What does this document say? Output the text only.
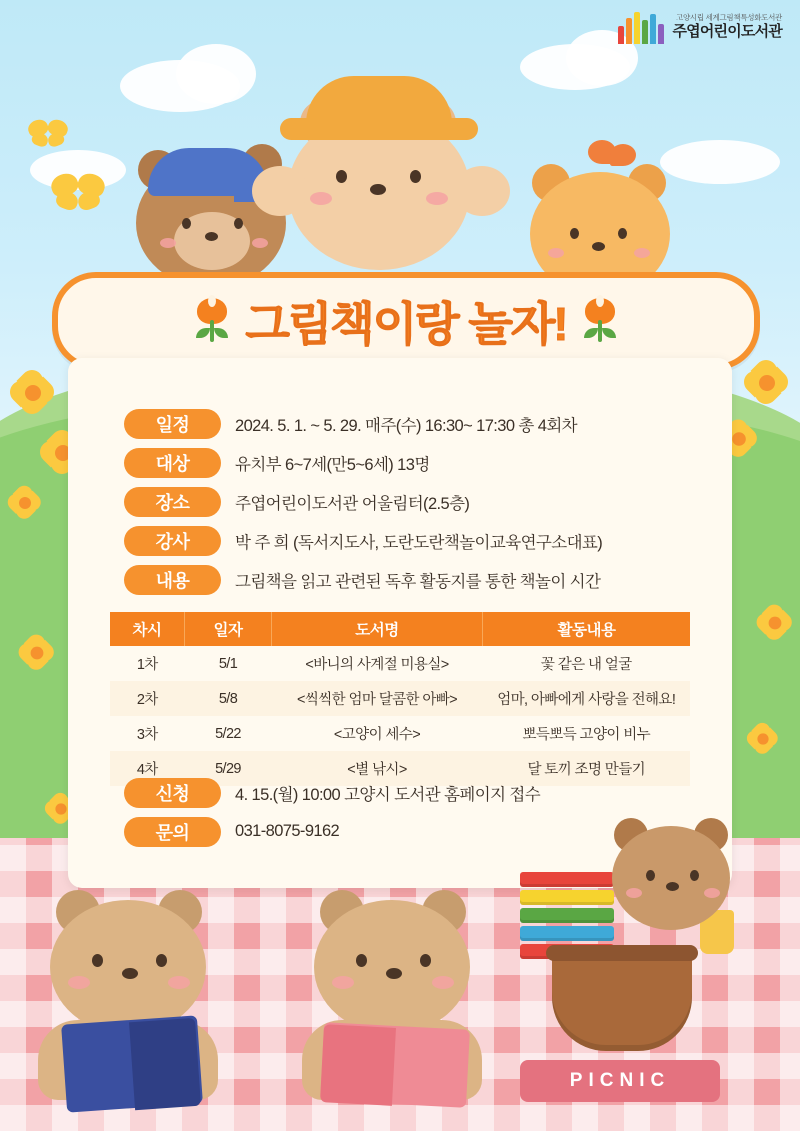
고양시립 세계그림책특성화도서관
주엽어린이도서관
그림책이랑 놀자!
일정	2024. 5. 1. ~ 5. 29. 매주(수) 16:30~ 17:30 총 4회차
대상	유치부 6~7세(만5~6세) 13명
장소	주엽어린이도서관 어울림터(2.5층)
강사	박 주 희 (독서지도사, 도란도란책놀이교육연구소대표)
내용	그림책을 읽고 관련된 독후 활동지를 통한 책놀이 시간
차시	일자	도서명	활동내용
1차	5/1	<바니의 사계절 미용실>	꽃 같은 내 얼굴
2차	5/8	<씩씩한 엄마 달콤한 아빠>	엄마, 아빠에게 사랑을 전해요!
3차	5/22	<고양이 세수>	뽀득뽀득 고양이 비누
4차	5/29	<별 낚시>	달 토끼 조명 만들기
신청	4. 15.(월) 10:00 고양시 도서관 홈페이지 접수
문의	031-8075-9162
PICNIC
